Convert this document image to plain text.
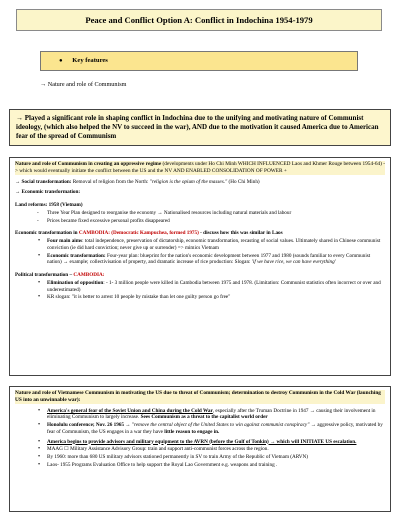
Peace and Conflict Option A: Conflict in Indochina 1954-1979
● Key features
→ Nature and role of Communism
→ Played a significant role in shaping conflict in Indochina due to the unifying and motivating nature of Communist ideology, (which also helped the NV to succeed in the war), AND due to the motivation it caused America due to American fear of the spread of Communism
Nature and role of Communism in creating an oppressive regime (developments under Ho Chi Minh WHICH INFLUENCED Laos and Khmer Rouge between 1954-64) -> which would eventually initiate the conflict between the US and the NV AND ENABLED CONSOLIDATION OF POWER +
→ Social transformation: Removal of religion from the North: "religion is the opium of the masses." (Ho Chi Minh)
→ Economic transformation:
Land reforms: 1958 (Vietnam)
- Three Year Plan designed to reorganise the economy → Nationalised resources including natural materials and labour
- Prices became fixed excessive personal profits disappeared
Economic transformation in CAMBODIA: (Democratic Kampuchea, formed 1975) - discuss how this was similar in Laos
• Four main aims: total independence, preservation of dictatorship, economic transformation, recasting of social values. Ultimately shared in Chinese communist conviction (ie did hard conviction; never give up or surrender) => mimics Vietnam
• Economic transformation: Four-year plan: blueprint for the nation's economic development between 1977 and 1980 (sounds familiar to every Communist nation) → example; collectivisation of property, and dramatic increase of rice production: Slogan: 'if we have rice, we can have everything'
Political transformation – CAMBODIA:
• Elimination of opposition: - 1- 3 million people were killed in Cambodia between 1975 and 1978. (Limitation: Communist statistics often incorrect or over and underestimated)
• KR slogan: "it is better to arrest 10 people by mistake than let one guilty person go free"
Nature and role of Vietnamese Communism in motivating the US due to threat of Communism; determination to destroy Communism in the Cold War (launching US into an unwinnable war):
• America's general fear of the Soviet Union and China during the Cold War, especially after the Truman Doctrine in 1947 → causing their involvement in eliminating Communism to largely increase. Sees Communism as a threat to the capitalist world order
• Honolulu conference; Nov. 26 1965 → "remove the central object of the United States to win against communist conspiracy" → aggressive policy, motivated by fear of Communism, the US engages in a war they have little reason to engage in.
• America begins to provide advisors and military equipment to the AVRN (before the Gulf of Tonkin) → which will INITIATE US escalation.
• MAAG ☐ Military Assistance Advisory Group: train and support anti-communist forces across the region.
• By 1960: more than 680 US military advisors stationed permanently in SV to train Army of the Republic of Vietnam (ARVN)
• Laos- 1955 Programs Evaluation Office to help support the Royal Lao Government e.g. weapons and training .
